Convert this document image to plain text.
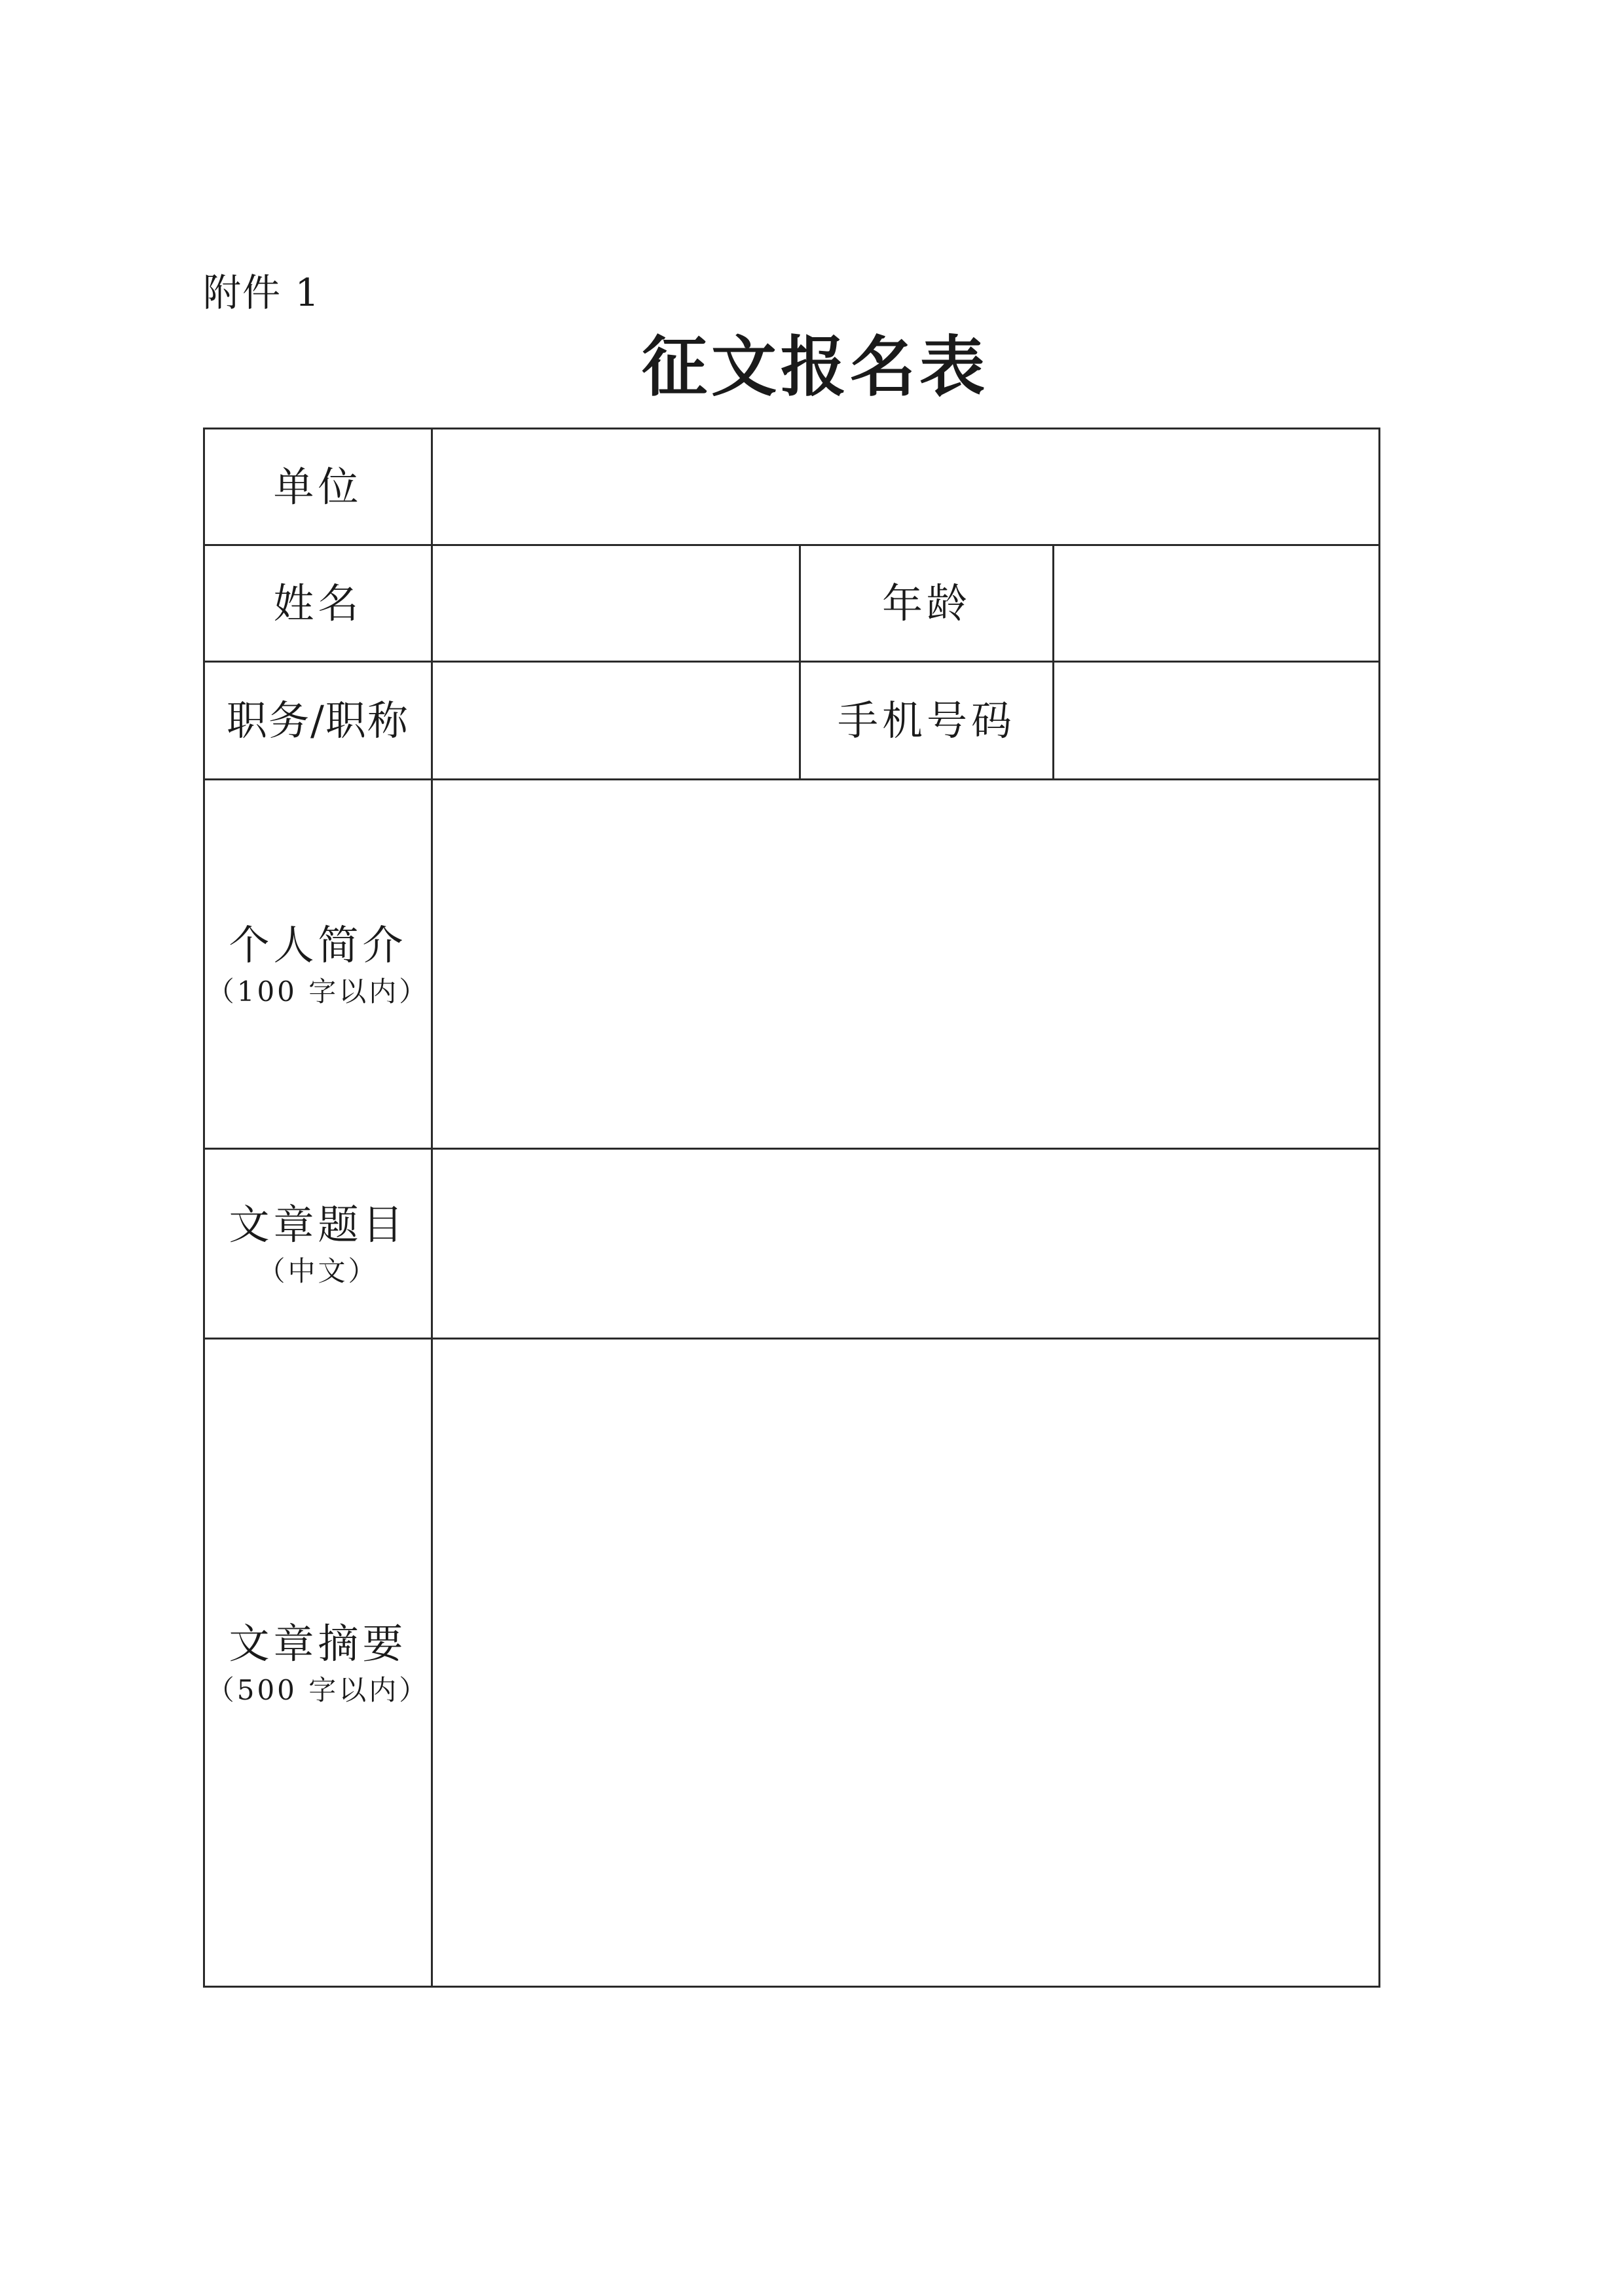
附件 1
征文报名表
单位			
姓名		年龄	
职务/职称		手机号码	
个人简介
（100 字以内）			

文章题目
（中文）			

文章摘要
（500 字以内）			
